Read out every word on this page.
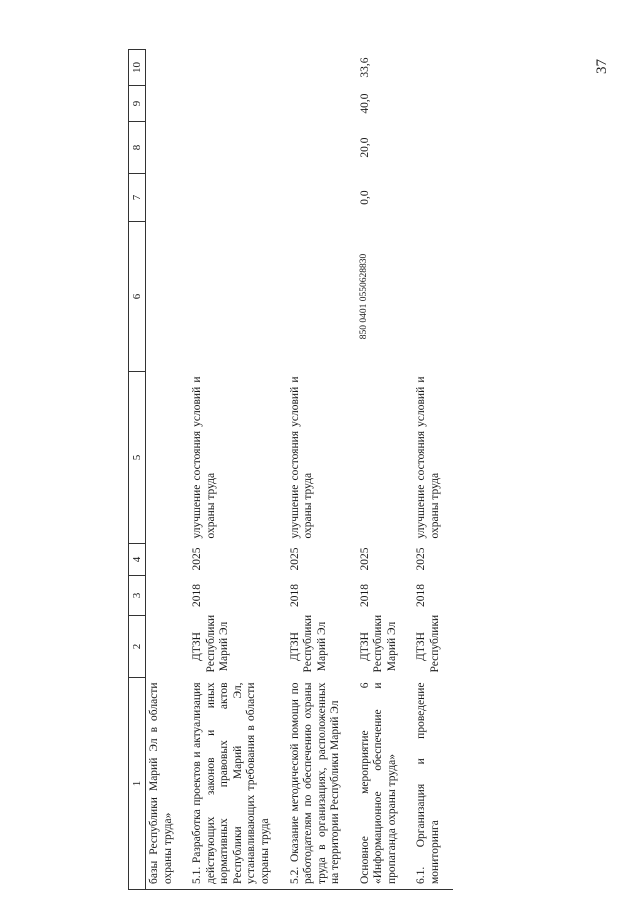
37
1	2	3	4	5	6	7	8	9	10
базы Республики Марий Эл в области охраны труда»									
5.1. Разработка проектов и актуализация действующих законов и иных нормативных правовых актов Республики Марий Эл, устанавливающих требования в области охраны труда	ДТЗН Республики Марий Эл	2018	2025	улучшение состояния условий и охраны труда					
5.2. Оказание методической помощи по работодателям по обеспечению охраны труда в организациях, расположенных на территории Республики Марий Эл	ДТЗН Республики Марий Эл	2018	2025	улучшение состояния условий и охраны труда					
Основное мероприятие 6 «Информационное обеспечение и пропаганда охраны труда»	ДТЗН Республики Марий Эл	2018	2025		850 0401 0550628830	0,0	20,0	40,0	33,6
6.1. Организация и проведение мониторинга	ДТЗН Республики	2018	2025	улучшение состояния условий и охраны труда					
